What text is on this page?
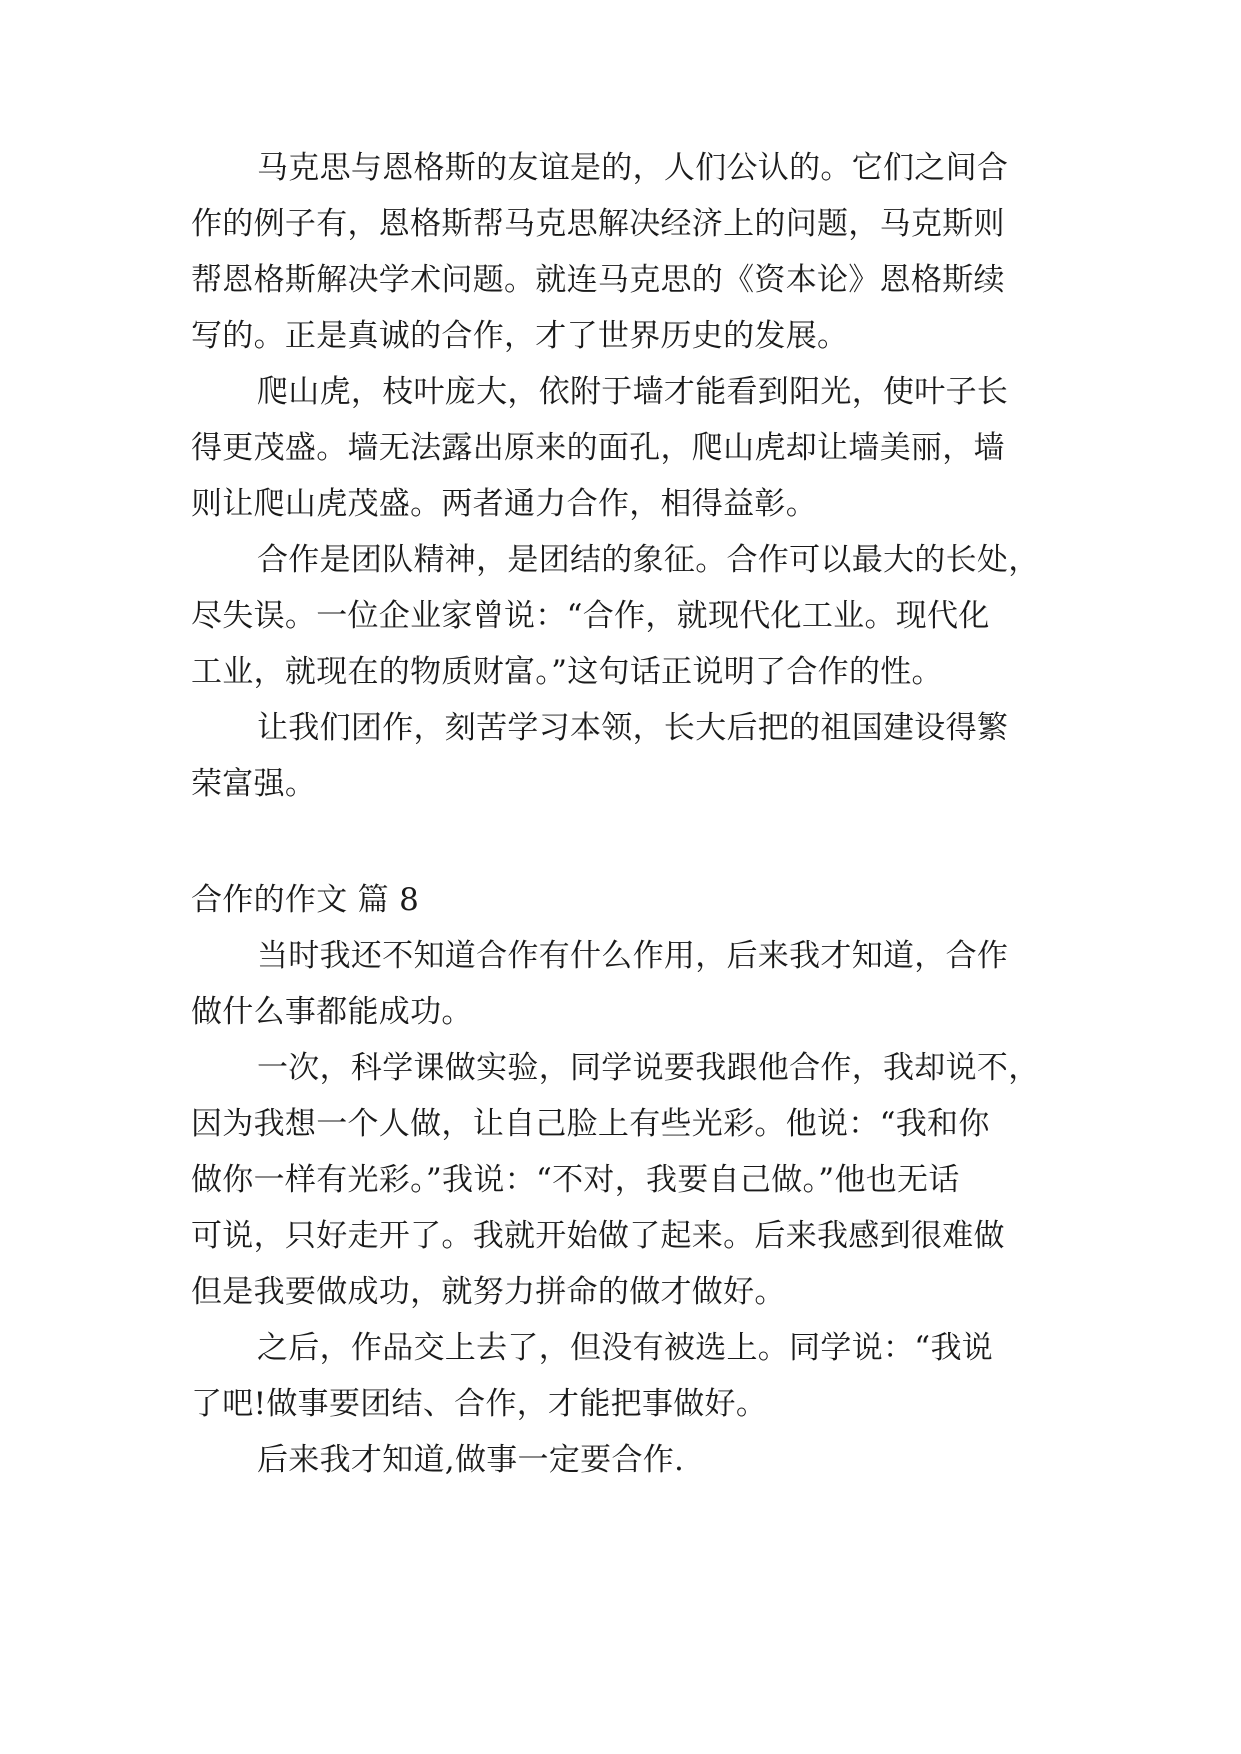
马克思与恩格斯的友谊是的，人们公认的。它们之间合
作的例子有，恩格斯帮马克思解决经济上的问题，马克斯则
帮恩格斯解决学术问题。就连马克思的《资本论》恩格斯续
写的。正是真诚的合作，才了世界历史的发展。
爬山虎，枝叶庞大，依附于墙才能看到阳光，使叶子长
得更茂盛。墙无法露出原来的面孔，爬山虎却让墙美丽，墙
则让爬山虎茂盛。两者通力合作，相得益彰。
合作是团队精神，是团结的象征。合作可以最大的长处，
尽失误。一位企业家曾说：“合作，就现代化工业。现代化
工业，就现在的物质财富。”这句话正说明了合作的性。
让我们团作，刻苦学习本领，长大后把的祖国建设得繁
荣富强。
合作的作文 篇 8
当时我还不知道合作有什么作用，后来我才知道，合作
做什么事都能成功。
一次，科学课做实验，同学说要我跟他合作，我却说不，
因为我想一个人做，让自己脸上有些光彩。他说：“我和你
做你一样有光彩。”我说：“不对，我要自己做。”他也无话
可说，只好走开了。我就开始做了起来。后来我感到很难做
但是我要做成功，就努力拼命的做才做好。
之后，作品交上去了，但没有被选上。同学说：“我说
了吧!做事要团结、合作，才能把事做好。
后来我才知道,做事一定要合作.
